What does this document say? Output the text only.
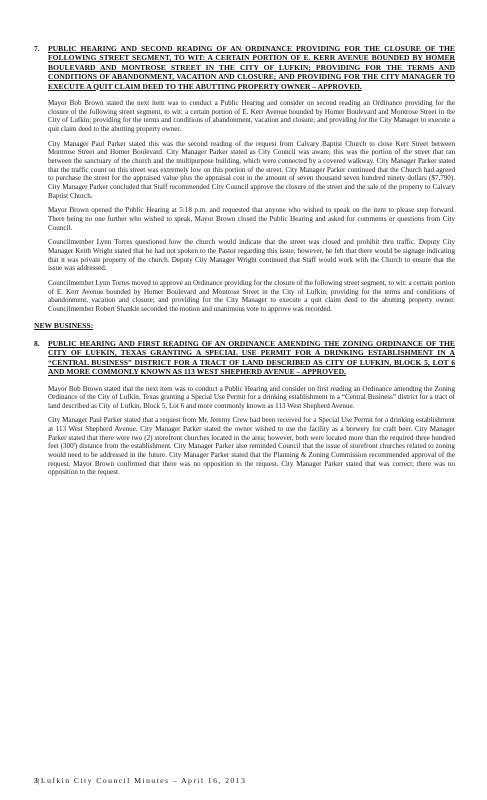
7.	PUBLIC HEARING AND SECOND READING OF AN ORDINANCE PROVIDING FOR THE CLOSURE OF THE FOLLOWING STREET SEGMENT, TO WIT: A CERTAIN PORTION OF E. KERR AVENUE BOUNDED BY HOMER BOULEVARD AND MONTROSE STREET IN THE CITY OF LUFKIN; PROVIDING FOR THE TERMS AND CONDITIONS OF ABANDONMENT, VACATION AND CLOSURE; AND PROVIDING FOR THE CITY MANAGER TO EXECUTE A QUIT CLAIM DEED TO THE ABUTTING PROPERTY OWNER – APPROVED.

Mayor Bob Brown stated the next item was to conduct a Public Hearing and consider on second reading an Ordinance providing for the closure of the following street segment, to wit: a certain portion of E. Kerr Avenue bounded by Homer Boulevard and Montrose Street in the City of Lufkin; providing for the terms and conditions of abandonment, vacation and closure; and providing for the City Manager to execute a quit claim deed to the abutting property owner.

City Manager Paul Parker stated this was the second reading of the request from Calvary Baptist Church to close Kerr Street between Montrose Street and Homer Boulevard. City Manager Parker stated as City Council was aware, this was the portion of the street that ran between the sanctuary of the church and the multipurpose building, which were connected by a covered walkway. City Manager Parker stated that the traffic count on this street was extremely low on this portion of the street. City Manager Parker continued that the Church had agreed to purchase the street for the appraised value plus the appraisal cost in the amount of seven thousand seven hundred ninety dollars ($7,790). City Manager Parker concluded that Staff recommended City Council approve the closure of the street and the sale of the property to Calvary Baptist Church.

Mayor Brown opened the Public Hearing at 5:18 p.m. and requested that anyone who wished to speak on the item to please step forward. There being no one further who wished to speak, Mayor Brown closed the Public Hearing and asked for comments or questions from City Council.

Councilmember Lynn Torres questioned how the church would indicate that the street was closed and prohibit thru traffic. Deputy City Manager Keith Wright stated that he had not spoken to the Pastor regarding this issue; however, he felt that there would be signage indicating that it was private property of the church. Deputy City Manager Wright continued that Staff would work with the Church to ensure that the issue was addressed.

Councilmember Lynn Torres moved to approve an Ordinance providing for the closure of the following street segment, to wit: a certain portion of E. Kerr Avenue bounded by Homer Boulevard and Montrose Street in the City of Lufkin; providing for the terms and conditions of abandonment, vacation and closure; and providing for the City Manager to execute a quit claim deed to the abutting property owner. Councilmember Robert Shankle seconded the motion and unanimous vote to approve was recorded.

NEW BUSINESS:
8.	PUBLIC HEARING AND FIRST READING OF AN ORDINANCE AMENDING THE ZONING ORDINANCE OF THE CITY OF LUFKIN, TEXAS GRANTING A SPECIAL USE PERMIT FOR A DRINKING ESTABLISHMENT IN A “CENTRAL BUSINESS” DISTRICT FOR A TRACT OF LAND DESCRIBED AS CITY OF LUFKIN, BLOCK 5, LOT 6 AND MORE COMMONLY KNOWN AS 113 WEST SHEPHERD AVENUE – APPROVED.

Mayor Bob Brown stated that the next item was to conduct a Public Hearing and consider on first reading an Ordinance amending the Zoning Ordinance of the City of Lufkin, Texas granting a Special Use Permit for a drinking establishment in a “Central Business” district for a tract of land described as City of Lufkin, Block 5, Lot 6 and more commonly known as 113 West Shepherd Avenue.

City Manager Paul Parker stated that a request from Mr. Jeremy Crew had been received for a Special Use Permit for a drinking establishment at 113 West Shepherd Avenue. City Manager Parker stated the owner wished to use the facility as a brewery for craft beer. City Manager Parker stated that there were two (2) storefront churches located in the area; however, both were located more than the required three hundred feet (300') distance from the establishment. City Manager Parker also reminded Council that the issue of storefront churches related to zoning would need to be addressed in the future. City Manager Parker stated that the Planning & Zoning Commission recommended approval of the request. Mayor Brown confirmed that there was no opposition to the request. City Manager Parker stated that was correct; there was no opposition to the request.

3|Lufkin City Council Minutes – April 16, 2013
